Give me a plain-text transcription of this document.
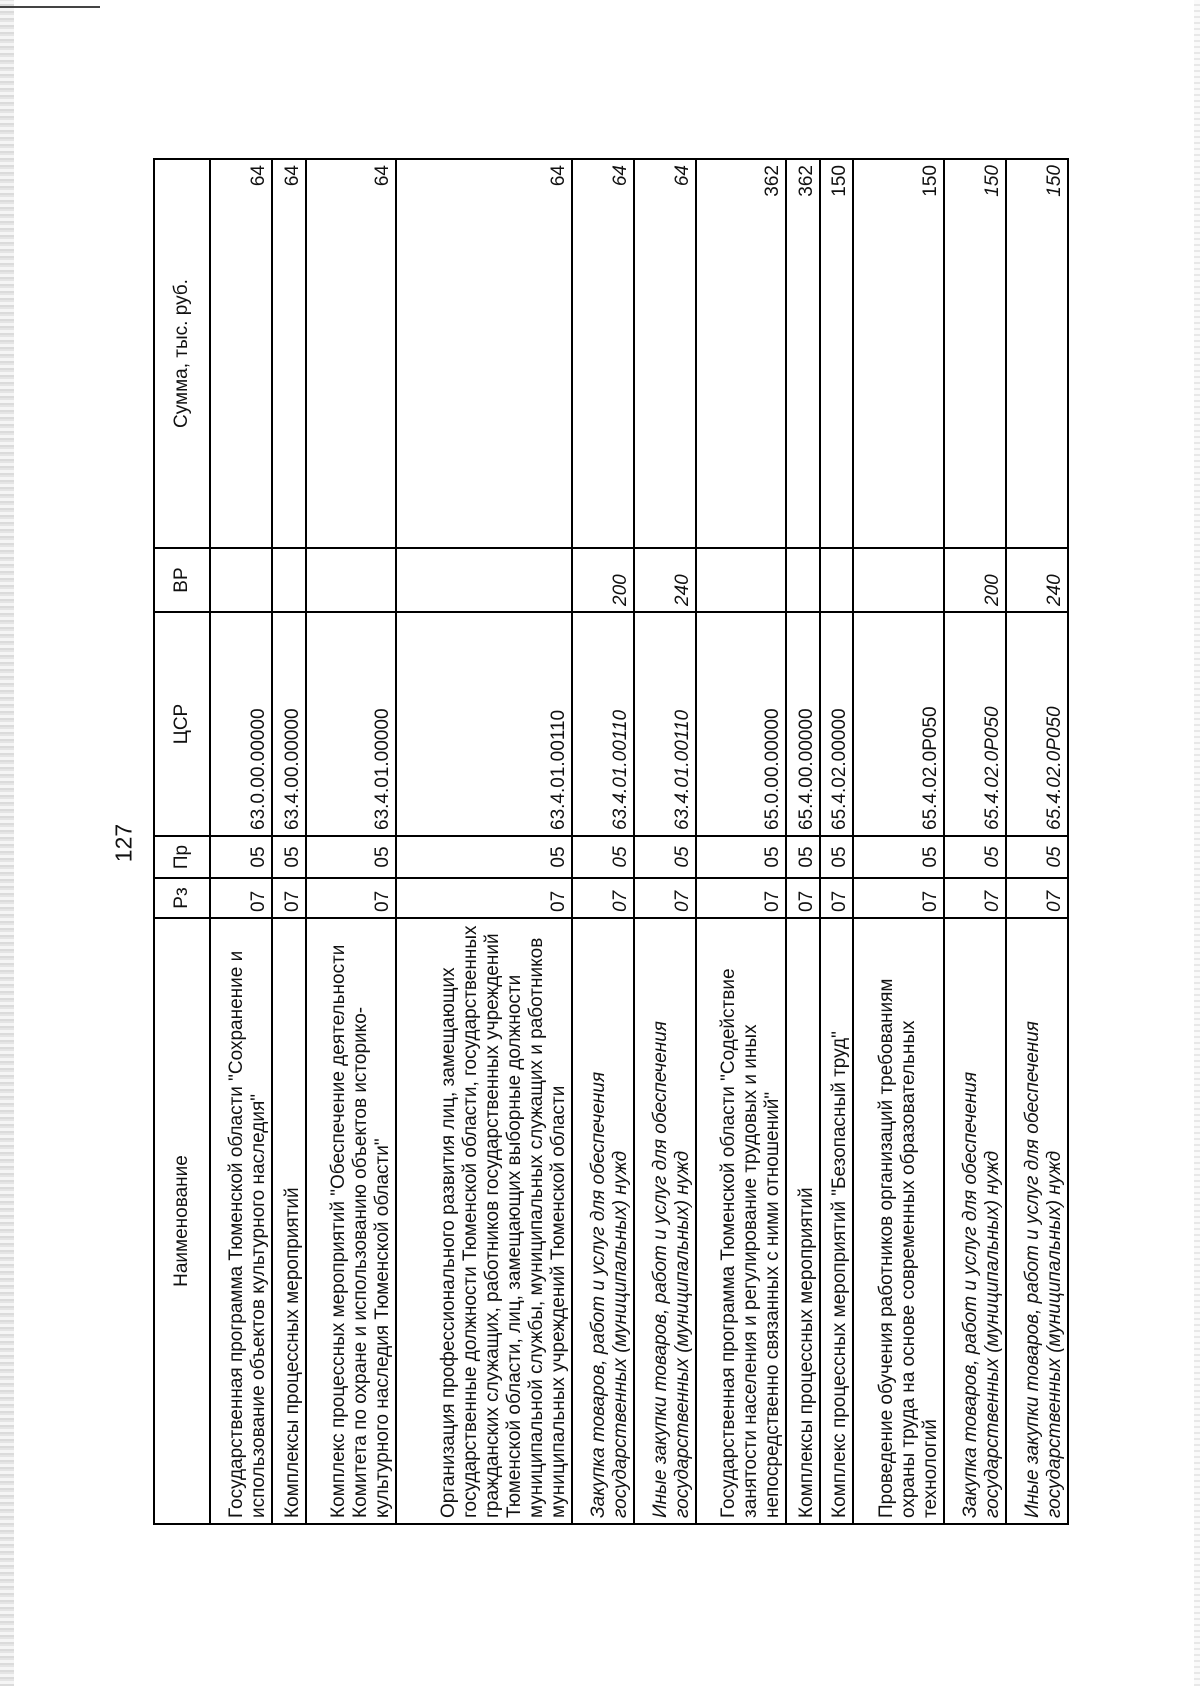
127
Наименование	Рз	Пр	ЦСР	ВР	Сумма, тыс. руб.
Государственная программа Тюменской области "Сохранение и использование объектов культурного наследия"	07	05	63.0.00.00000		64
Комплексы процессных мероприятий	07	05	63.4.00.00000		64
Комплекс процессных мероприятий "Обеспечение деятельности Комитета по охране и использованию объектов историко-культурного наследия Тюменской области"	07	05	63.4.01.00000		64
Организация профессионального развития лиц, замещающих государственные должности Тюменской области, государственных гражданских служащих, работников государственных учреждений Тюменской области, лиц, замещающих выборные должности муниципальной службы, муниципальных служащих и работников муниципальных учреждений Тюменской области	07	05	63.4.01.00110		64
Закупка товаров, работ и услуг для обеспечения государственных (муниципальных) нужд	07	05	63.4.01.00110	200	64
Иные закупки товаров, работ и услуг для обеспечения государственных (муниципальных) нужд	07	05	63.4.01.00110	240	64
Государственная программа Тюменской области "Содействие занятости населения и регулирование трудовых и иных непосредственно связанных с ними отношений"	07	05	65.0.00.00000		362
Комплексы процессных мероприятий	07	05	65.4.00.00000		362
Комплекс процессных мероприятий "Безопасный труд"	07	05	65.4.02.00000		150
Проведение обучения работников организаций требованиям охраны труда на основе современных образовательных технологий	07	05	65.4.02.0Р050		150
Закупка товаров, работ и услуг для обеспечения государственных (муниципальных) нужд	07	05	65.4.02.0Р050	200	150
Иные закупки товаров, работ и услуг для обеспечения государственных (муниципальных) нужд	07	05	65.4.02.0Р050	240	150
